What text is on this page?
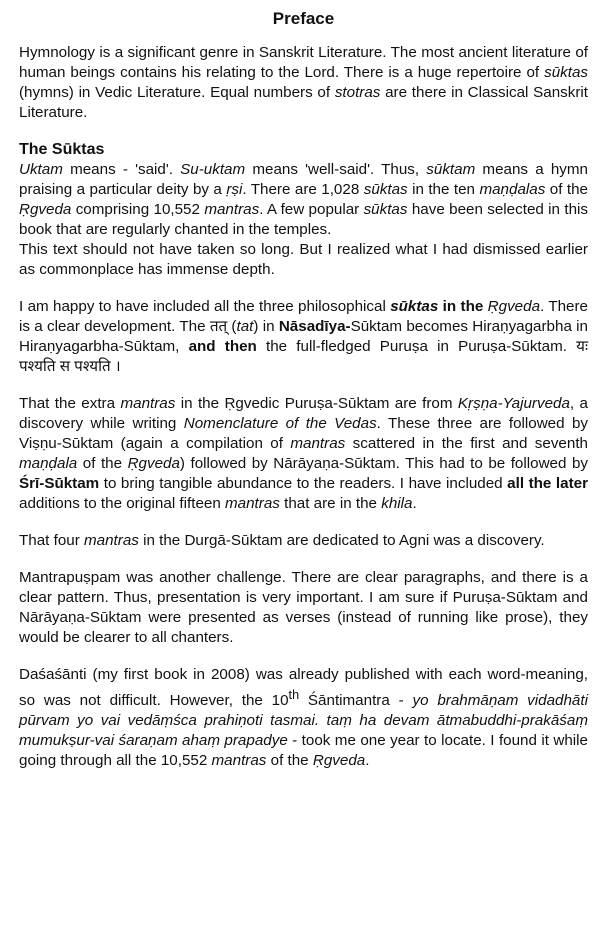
Preface

Hymnology is a significant genre in Sanskrit Literature. The most ancient literature of human beings contains his relating to the Lord. There is a huge repertoire of sūktas (hymns) in Vedic Literature. Equal numbers of stotras are there in Classical Sanskrit Literature.

The Sūktas

Uktam means - 'said'. Su-uktam means 'well-said'. Thus, sūktam means a hymn praising a particular deity by a ṛṣi. There are 1,028 sūktas in the ten maṇḍalas of the Ṛgveda comprising 10,552 mantras. A few popular sūktas have been selected in this book that are regularly chanted in the temples.

This text should not have taken so long. But I realized what I had dismissed earlier as commonplace has immense depth.

I am happy to have included all the three philosophical sūktas in the Ṛgveda. There is a clear development. The तत् (tat) in Nāsadīya-Sūktam becomes Hiraṇyagarbha in Hiraṇyagarbha-Sūktam, and then the full-fledged Puruṣa in Puruṣa-Sūktam. यः पश्यति स पश्यति ।

That the extra mantras in the Ṛgvedic Puruṣa-Sūktam are from Kṛṣṇa-Yajurveda, a discovery while writing Nomenclature of the Vedas. These three are followed by Viṣṇu-Sūktam (again a compilation of mantras scattered in the first and seventh maṇḍala of the Ṛgveda) followed by Nārāyaṇa-Sūktam. This had to be followed by Śrī-Sūktam to bring tangible abundance to the readers. I have included all the later additions to the original fifteen mantras that are in the khila.

That four mantras in the Durgā-Sūktam are dedicated to Agni was a discovery.

Mantrapuṣpam was another challenge. There are clear paragraphs, and there is a clear pattern. Thus, presentation is very important. I am sure if Puruṣa-Sūktam and Nārāyaṇa-Sūktam were presented as verses (instead of running like prose), they would be clearer to all chanters.

Daśaśānti (my first book in 2008) was already published with each word-meaning, so was not difficult. However, the 10th Śāntimantra - yo brahmāṇam vidadhāti pūrvam yo vai vedāṃśca prahiṇoti tasmai. taṃ ha devam ātmabuddhi-prakāśaṃ mumukṣur-vai śaraṇam ahaṃ prapadye - took me one year to locate. I found it while going through all the 10,552 mantras of the Ṛgveda.
